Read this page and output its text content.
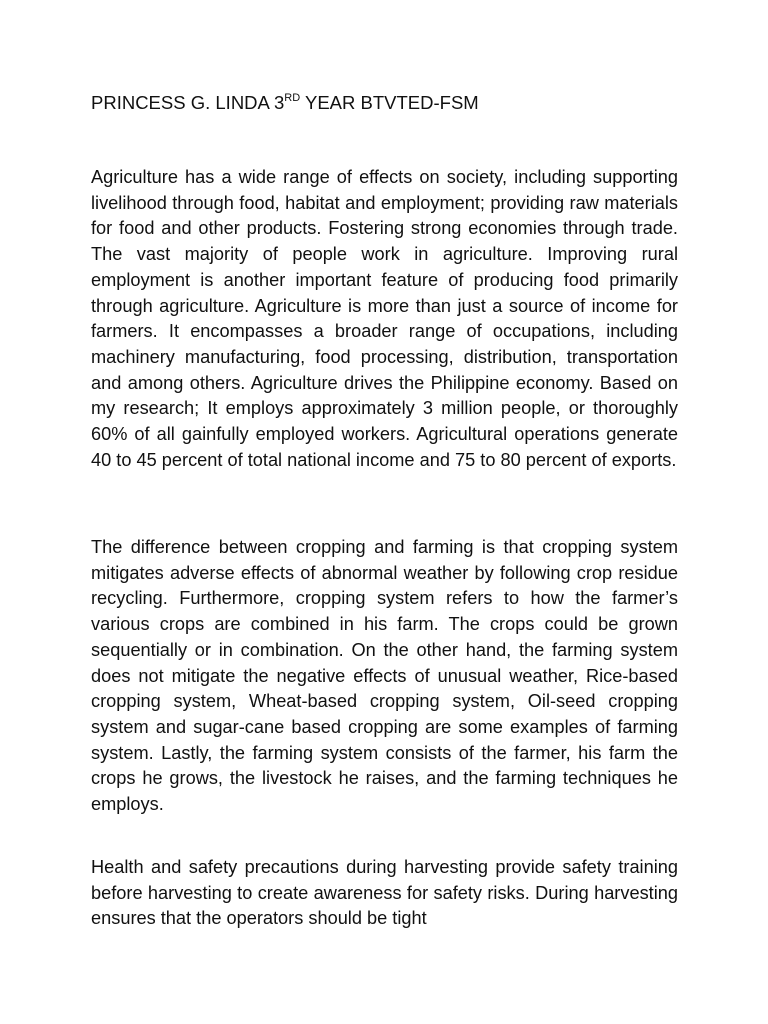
PRINCESS G. LINDA 3RD YEAR BTVTED-FSM

Agriculture has a wide range of effects on society, including supporting livelihood through food, habitat and employment; providing raw materials for food and other products. Fostering strong economies through trade. The vast majority of people work in agriculture. Improving rural employment is another important feature of producing food primarily through agriculture. Agriculture is more than just a source of income for farmers. It encompasses a broader range of occupations, including machinery manufacturing, food processing, distribution, transportation and among others. Agriculture drives the Philippine economy. Based on my research; It employs approximately 3 million people, or thoroughly 60% of all gainfully employed workers. Agricultural operations generate 40 to 45 percent of total national income and 75 to 80 percent of exports.

The difference between cropping and farming is that cropping system mitigates adverse effects of abnormal weather by following crop residue recycling. Furthermore, cropping system refers to how the farmer’s various crops are combined in his farm. The crops could be grown sequentially or in combination. On the other hand, the farming system does not mitigate the negative effects of unusual weather, Rice-based cropping system, Wheat-based cropping system, Oil-seed cropping system and sugar-cane based cropping are some examples of farming system. Lastly, the farming system consists of the farmer, his farm the crops he grows, the livestock he raises, and the farming techniques he employs.

Health and safety precautions during harvesting provide safety training before harvesting to create awareness for safety risks. During harvesting ensures that the operators should be tight
